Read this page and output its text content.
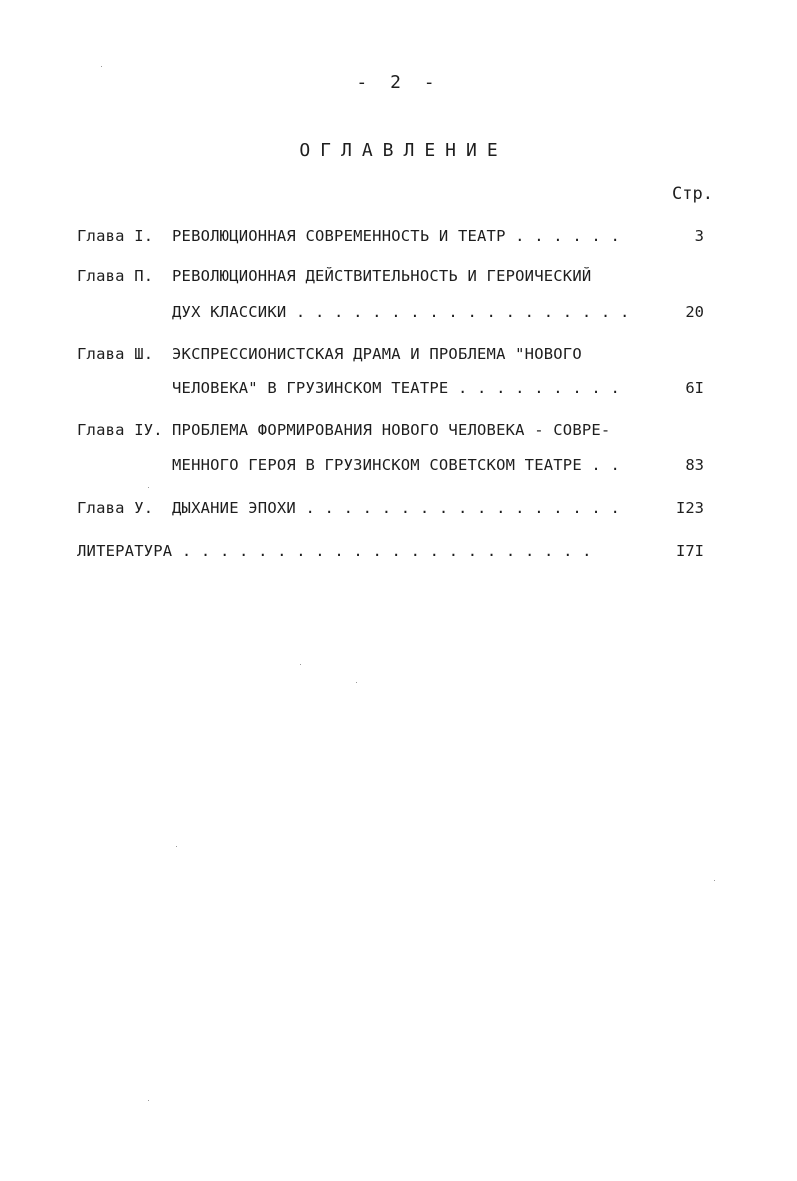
- 2 -
ОГЛАВЛЕНИЕ
Стр.
Глава I. РЕВОЛЮЦИОННАЯ СОВРЕМЕННОСТЬ И ТЕАТР . . . . . .	3
Глава П. РЕВОЛЮЦИОННАЯ ДЕЙСТВИТЕЛЬНОСТЬ И ГЕРОИЧЕСКИЙ
ДУХ КЛАССИКИ . . . . . . . . . . . . . . . . . .	20
Глава Ш. ЭКСПРЕССИОНИСТСКАЯ ДРАМА И ПРОБЛЕМА "НОВОГО
ЧЕЛОВЕКА" В ГРУЗИНСКОМ ТЕАТРЕ . . . . . . . . .	6I
Глава IУ. ПРОБЛЕМА ФОРМИРОВАНИЯ НОВОГО ЧЕЛОВЕКА - СОВРЕ-
МЕННОГО ГЕРОЯ В ГРУЗИНСКОМ СОВЕТСКОМ ТЕАТРЕ . .	83
Глава У. ДЫХАНИЕ ЭПОХИ . . . . . . . . . . . . . . . . .	I23
ЛИТЕРАТУРА . . . . . . . . . . . . . . . . . . . . . .	I7I
